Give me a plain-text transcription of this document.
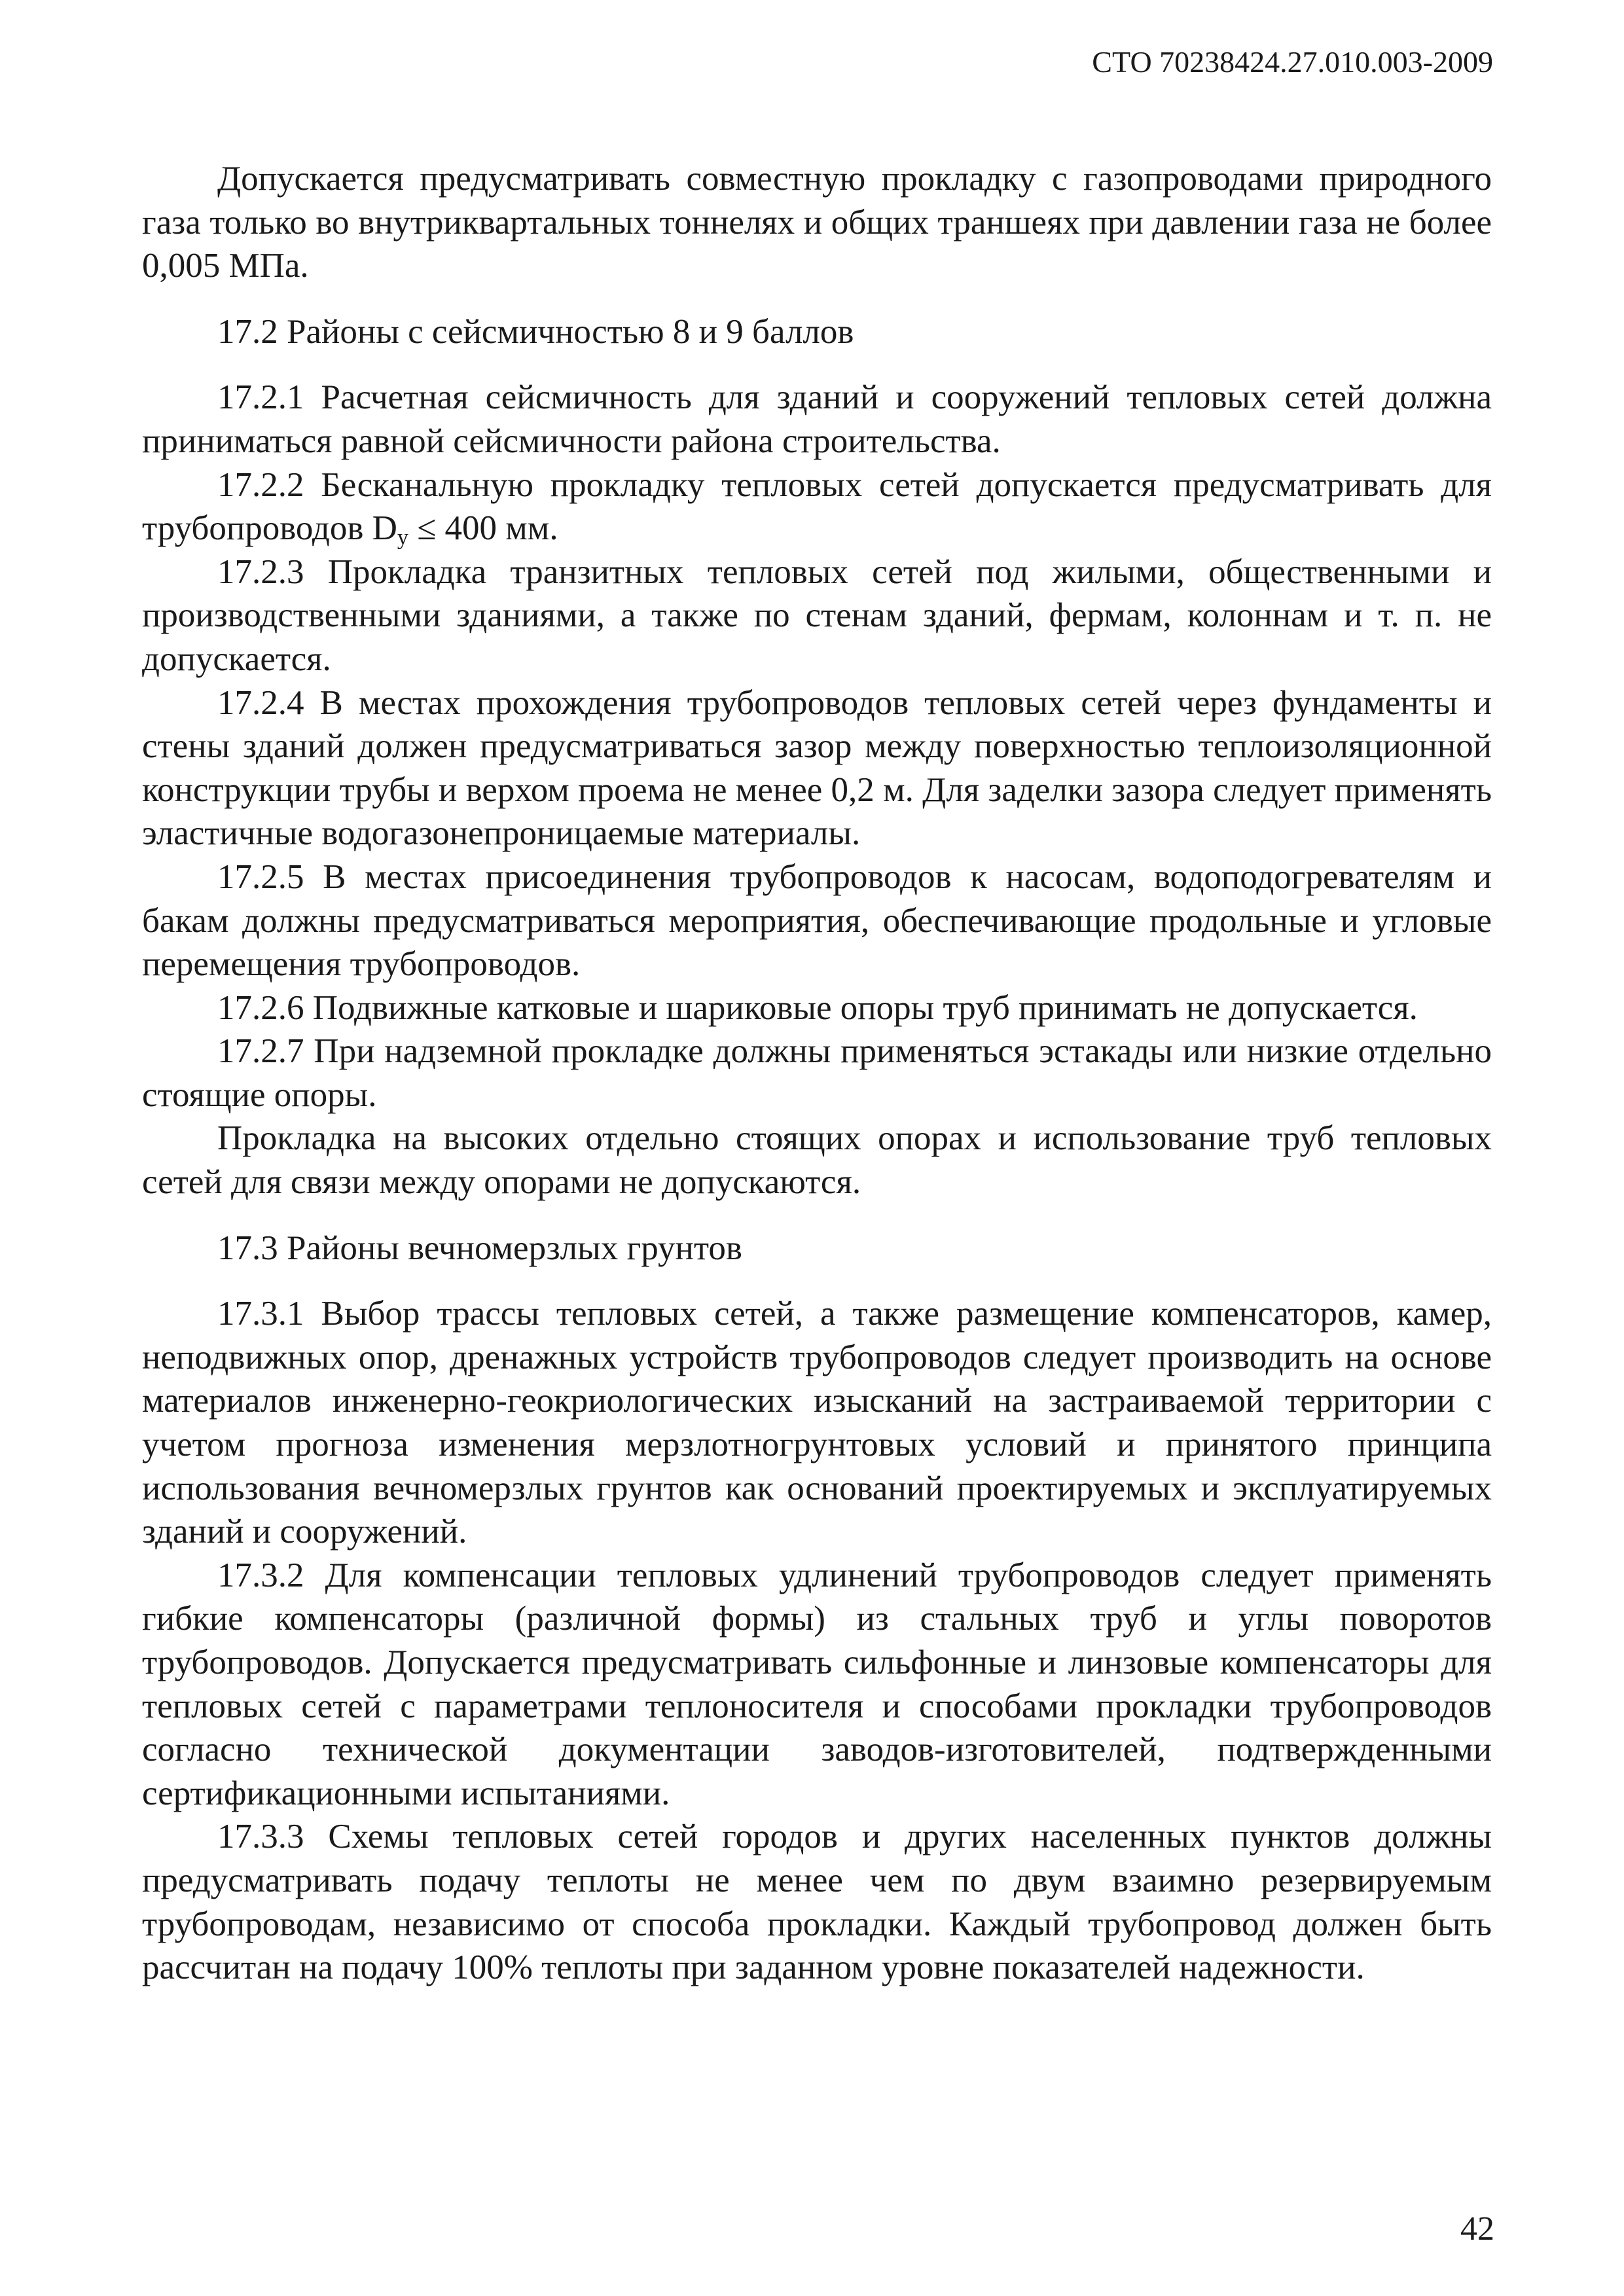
СТО 70238424.27.010.003-2009

Допускается предусматривать совместную прокладку с газопроводами природного газа только во внутриквартальных тоннелях и общих траншеях при давлении газа не более 0,005 МПа.

17.2 Районы с сейсмичностью 8 и 9 баллов

17.2.1 Расчетная сейсмичность для зданий и сооружений тепловых сетей должна приниматься равной сейсмичности района строительства.

17.2.2 Бесканальную прокладку тепловых сетей допускается предусматривать для трубопроводов $D_у \le 400$ мм.

17.2.3 Прокладка транзитных тепловых сетей под жилыми, общественными и производственными зданиями, а также по стенам зданий, фермам, колоннам и т. п. не допускается.

17.2.4 В местах прохождения трубопроводов тепловых сетей через фундаменты и стены зданий должен предусматриваться зазор между поверхностью теплоизоляционной конструкции трубы и верхом проема не менее 0,2 м. Для заделки зазора следует применять эластичные водогазонепроницаемые материалы.

17.2.5 В местах присоединения трубопроводов к насосам, водоподогревателям и бакам должны предусматриваться мероприятия, обеспечивающие продольные и угловые перемещения трубопроводов.

17.2.6 Подвижные катковые и шариковые опоры труб принимать не допускается.

17.2.7 При надземной прокладке должны применяться эстакады или низкие отдельно стоящие опоры.

Прокладка на высоких отдельно стоящих опорах и использование труб тепловых сетей для связи между опорами не допускаются.

17.3 Районы вечномерзлых грунтов

17.3.1 Выбор трассы тепловых сетей, а также размещение компенсаторов, камер, неподвижных опор, дренажных устройств трубопроводов следует производить на основе материалов инженерно-геокриологических изысканий на застраиваемой территории с учетом прогноза изменения мерзлотногрунтовых условий и принятого принципа использования вечномерзлых грунтов как оснований проектируемых и эксплуатируемых зданий и сооружений.

17.3.2 Для компенсации тепловых удлинений трубопроводов следует применять гибкие компенсаторы (различной формы) из стальных труб и углы поворотов трубопроводов. Допускается предусматривать сильфонные и линзовые компенсаторы для тепловых сетей с параметрами теплоносителя и способами прокладки трубопроводов согласно технической документации заводов-изготовителей, подтвержденными сертификационными испытаниями.

17.3.3 Схемы тепловых сетей городов и других населенных пунктов должны предусматривать подачу теплоты не менее чем по двум взаимно резервируемым трубопроводам, независимо от способа прокладки. Каждый трубопровод должен быть рассчитан на подачу 100% теплоты при заданном уровне показателей надежности.

42
